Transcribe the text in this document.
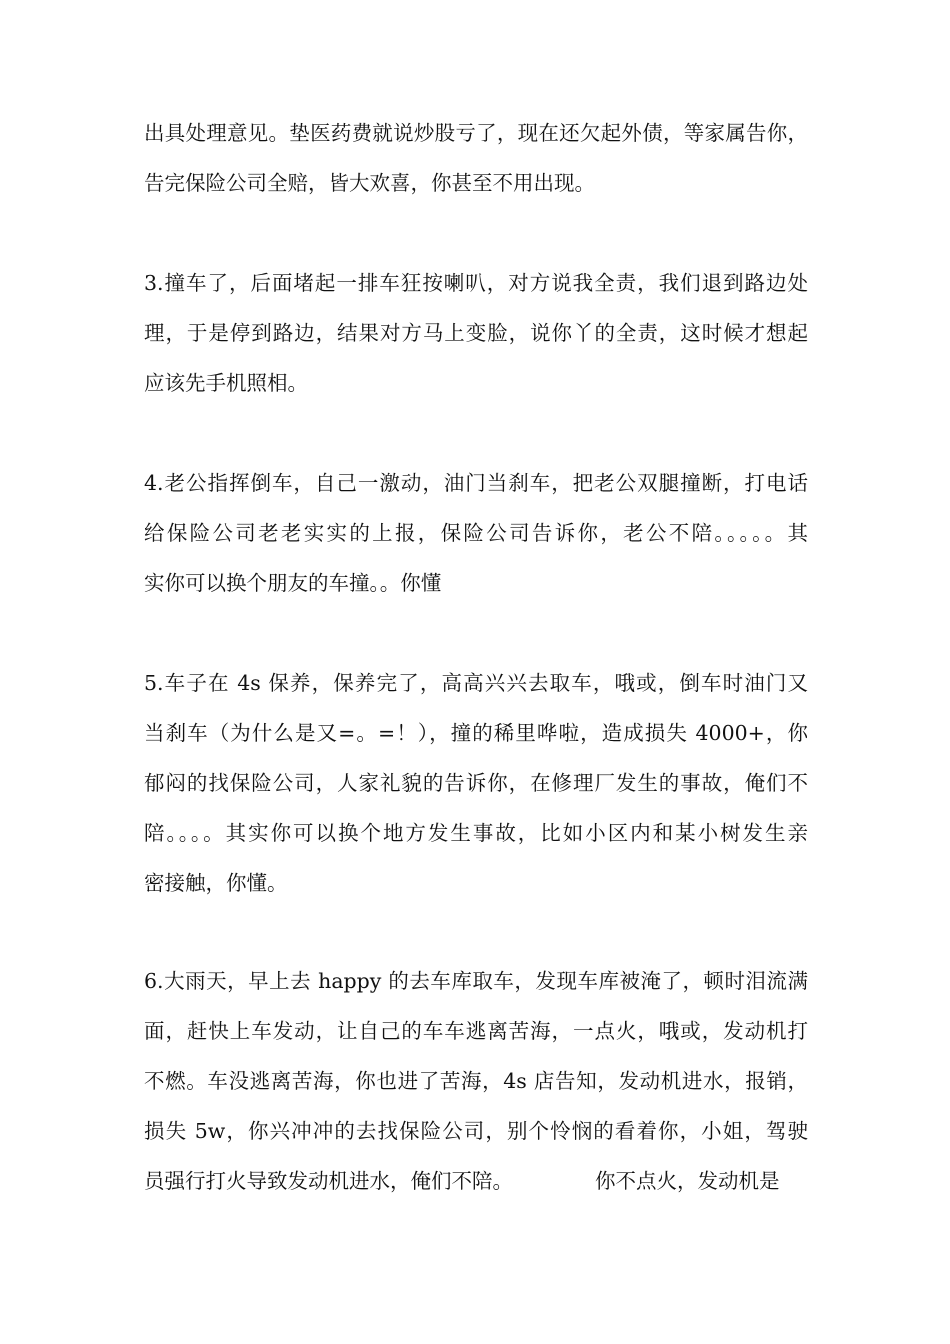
出具处理意见。垫医药费就说炒股亏了，现在还欠起外债，等家属告你，
告完保险公司全赔，皆大欢喜，你甚至不用出现。
3.撞车了，后面堵起一排车狂按喇叭，对方说我全责，我们退到路边处
理，于是停到路边，结果对方马上变脸，说你丫的全责，这时候才想起
应该先手机照相。
4.老公指挥倒车，自己一激动，油门当刹车，把老公双腿撞断，打电话
给保险公司老老实实的上报，保险公司告诉你，老公不陪。。。。。其
实你可以换个朋友的车撞。。你懂
5.车子在 4s 保养，保养完了，高高兴兴去取车，哦或，倒车时油门又
当刹车（为什么是又=。=！），撞的稀里哗啦，造成损失 4000+，你
郁闷的找保险公司，人家礼貌的告诉你，在修理厂发生的事故，俺们不
陪。。。。其实你可以换个地方发生事故，比如小区内和某小树发生亲
密接触，你懂。
6.大雨天，早上去 happy 的去车库取车，发现车库被淹了，顿时泪流满
面，赶快上车发动，让自己的车车逃离苦海，一点火，哦或，发动机打
不燃。车没逃离苦海，你也进了苦海，4s 店告知，发动机进水，报销，
损失 5w，你兴冲冲的去找保险公司，别个怜悯的看着你，小姐，驾驶
员强行打火导致发动机进水，俺们不陪。	你不点火，发动机是
